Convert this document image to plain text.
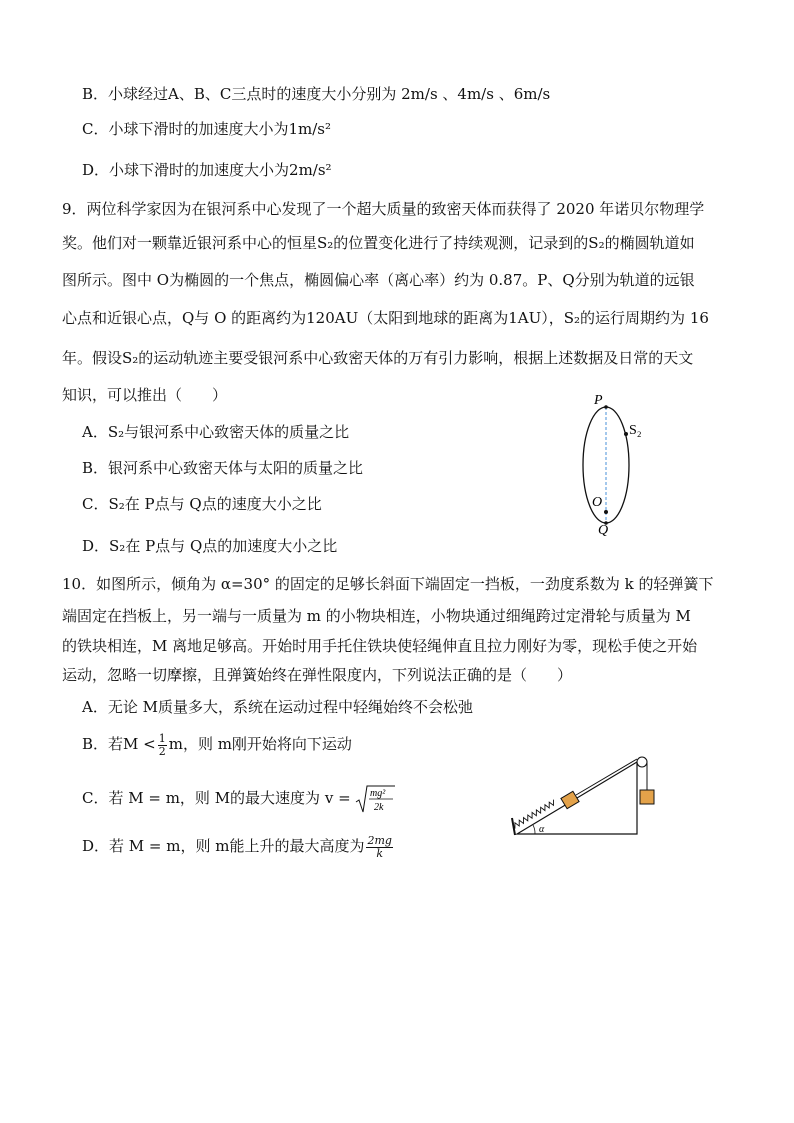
B．小球经过A、B、C三点时的速度大小分别为 2m/s 、4m/s 、6m/s
C．小球下滑时的加速度大小为1m/s²
D．小球下滑时的加速度大小为2m/s²
9．两位科学家因为在银河系中心发现了一个超大质量的致密天体而获得了 2020 年诺贝尔物理学
奖。他们对一颗靠近银河系中心的恒星S₂的位置变化进行了持续观测，记录到的S₂的椭圆轨道如
图所示。图中 O为椭圆的一个焦点，椭圆偏心率（离心率）约为 0.87。P、Q分别为轨道的远银
心点和近银心点，Q与 O 的距离约为120AU（太阳到地球的距离为1AU），S₂的运行周期约为 16
年。假设S₂的运动轨迹主要受银河系中心致密天体的万有引力影响，根据上述数据及日常的天文
知识，可以推出（　　）
A．S₂与银河系中心致密天体的质量之比
B．银河系中心致密天体与太阳的质量之比
C．S₂在 P点与 Q点的速度大小之比
D．S₂在 P点与 Q点的加速度大小之比
P
S₂
O
Q
10．如图所示，倾角为 α=30° 的固定的足够长斜面下端固定一挡板，一劲度系数为 k 的轻弹簧下
端固定在挡板上，另一端与一质量为 m 的小物块相连，小物块通过细绳跨过定滑轮与质量为 M
的铁块相连，M 离地足够高。开始时用手托住铁块使轻绳伸直且拉力刚好为零，现松手使之开始
运动，忽略一切摩擦，且弹簧始终在弹性限度内，下列说法正确的是（　　）
A．无论 M质量多大，系统在运动过程中轻绳始终不会松弛
B．若$M < \frac{1}{2}$ m，则 m刚开始将向下运动
C．若 M = m，则 M的最大速度为 v = mg²
2k
D．若 M = m，则 m能上升的最大高度为 $\frac{2mg}{k}$
α
